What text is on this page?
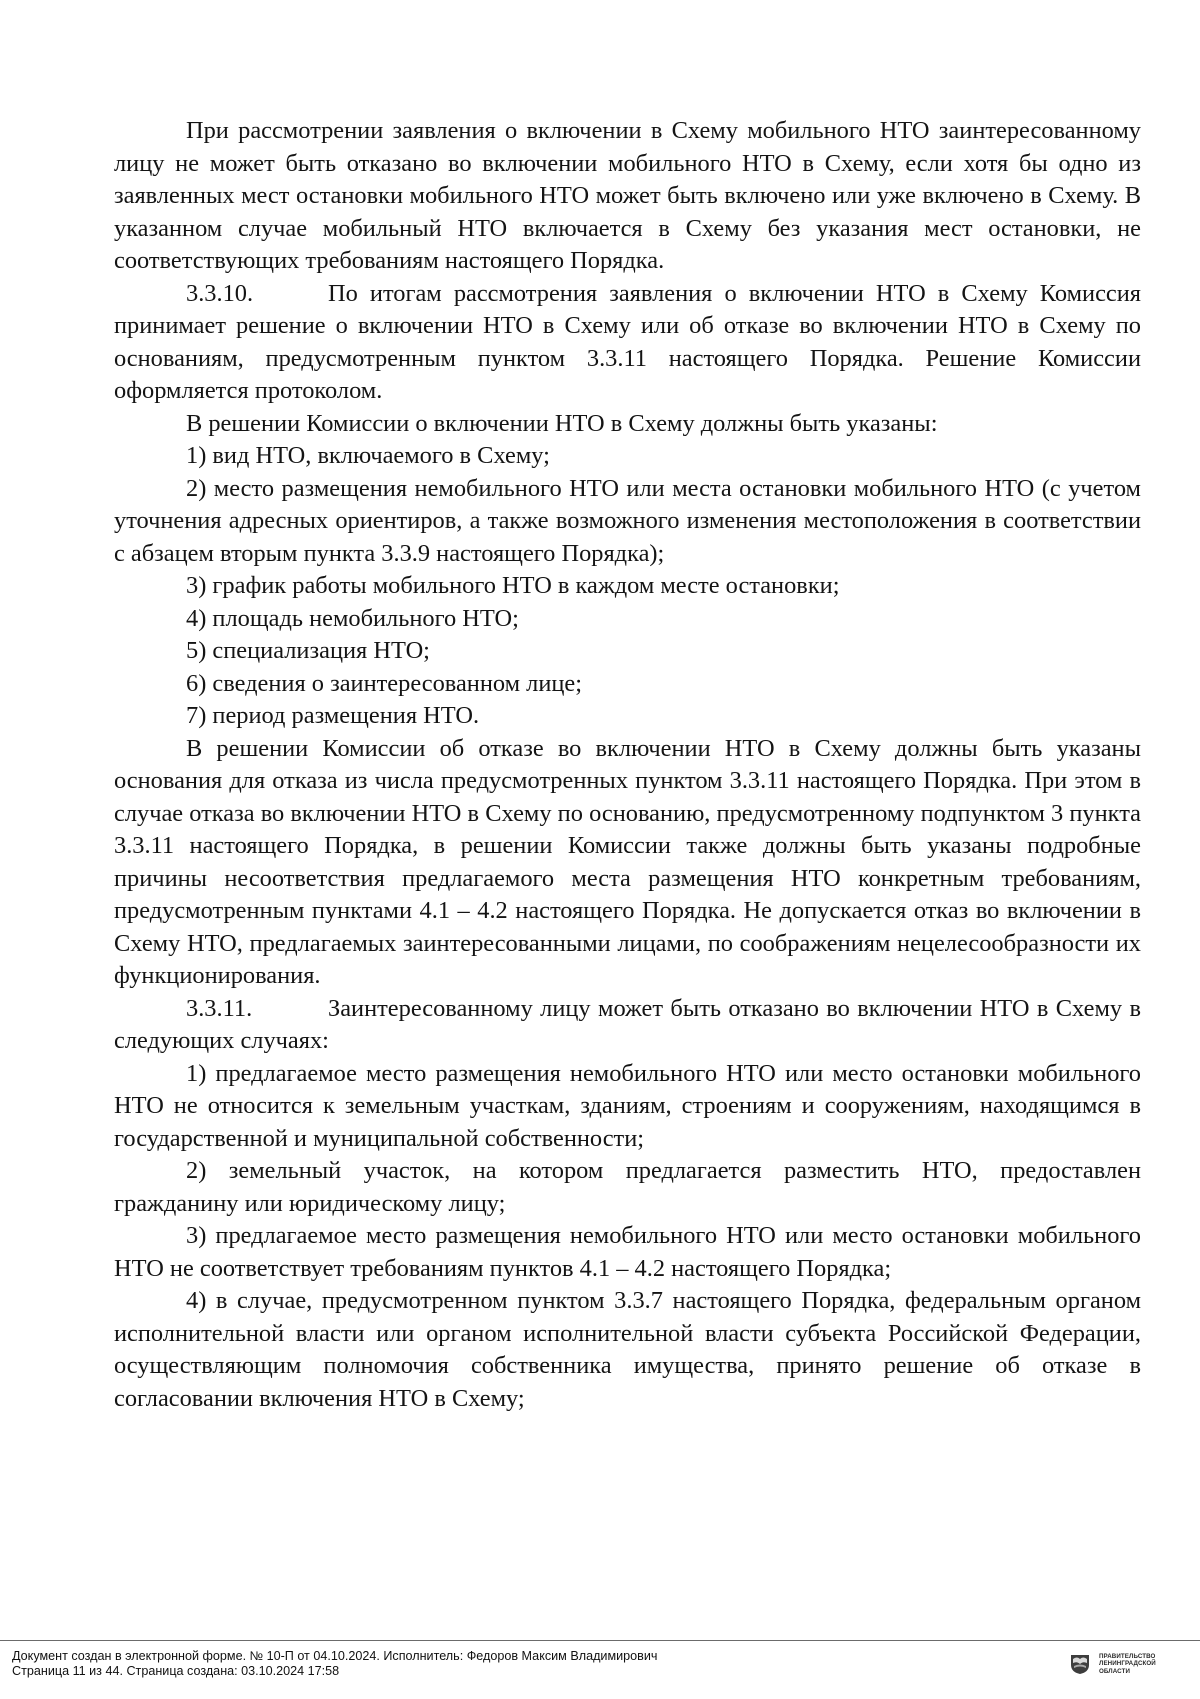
При рассмотрении заявления о включении в Схему мобильного НТО заинтересованному лицу не может быть отказано во включении мобильного НТО в Схему, если хотя бы одно из заявленных мест остановки мобильного НТО может быть включено или уже включено в Схему. В указанном случае мобильный НТО включается в Схему без указания мест остановки, не соответствующих требованиям настоящего Порядка.

3.3.10.	По итогам рассмотрения заявления о включении НТО в Схему Комиссия принимает решение о включении НТО в Схему или об отказе во включении НТО в Схему по основаниям, предусмотренным пунктом 3.3.11 настоящего Порядка. Решение Комиссии оформляется протоколом.

В решении Комиссии о включении НТО в Схему должны быть указаны:

1) вид НТО, включаемого в Схему;

2) место размещения немобильного НТО или места остановки мобильного НТО (с учетом уточнения адресных ориентиров, а также возможного изменения местоположения в соответствии с абзацем вторым пункта 3.3.9 настоящего Порядка);

3) график работы мобильного НТО в каждом месте остановки;

4) площадь немобильного НТО;

5) специализация НТО;

6) сведения о заинтересованном лице;

7) период размещения НТО.

В решении Комиссии об отказе во включении НТО в Схему должны быть указаны основания для отказа из числа предусмотренных пунктом 3.3.11 настоящего Порядка. При этом в случае отказа во включении НТО в Схему по основанию, предусмотренному подпунктом 3 пункта 3.3.11 настоящего Порядка, в решении Комиссии также должны быть указаны подробные причины несоответствия предлагаемого места размещения НТО конкретным требованиям, предусмотренным пунктами 4.1 – 4.2 настоящего Порядка. Не допускается отказ во включении в Схему НТО, предлагаемых заинтересованными лицами, по соображениям нецелесообразности их функционирования.

3.3.11.	Заинтересованному лицу может быть отказано во включении НТО в Схему в следующих случаях:

1) предлагаемое место размещения немобильного НТО или место остановки мобильного НТО не относится к земельным участкам, зданиям, строениям и сооружениям, находящимся в государственной и муниципальной собственности;

2) земельный участок, на котором предлагается разместить НТО, предоставлен гражданину или юридическому лицу;

3) предлагаемое место размещения немобильного НТО или место остановки мобильного НТО не соответствует требованиям пунктов 4.1 – 4.2 настоящего Порядка;

4) в случае, предусмотренном пунктом 3.3.7 настоящего Порядка, федеральным органом исполнительной власти или органом исполнительной власти субъекта Российской Федерации, осуществляющим полномочия собственника имущества, принято решение об отказе в согласовании включения НТО в Схему;

Документ создан в электронной форме. № 10-П от 04.10.2024. Исполнитель: Федоров Максим Владимирович
Страница 11 из 44. Страница создана: 03.10.2024 17:58
ПРАВИТЕЛЬСТВО
ЛЕНИНГРАДСКОЙ
ОБЛАСТИ
